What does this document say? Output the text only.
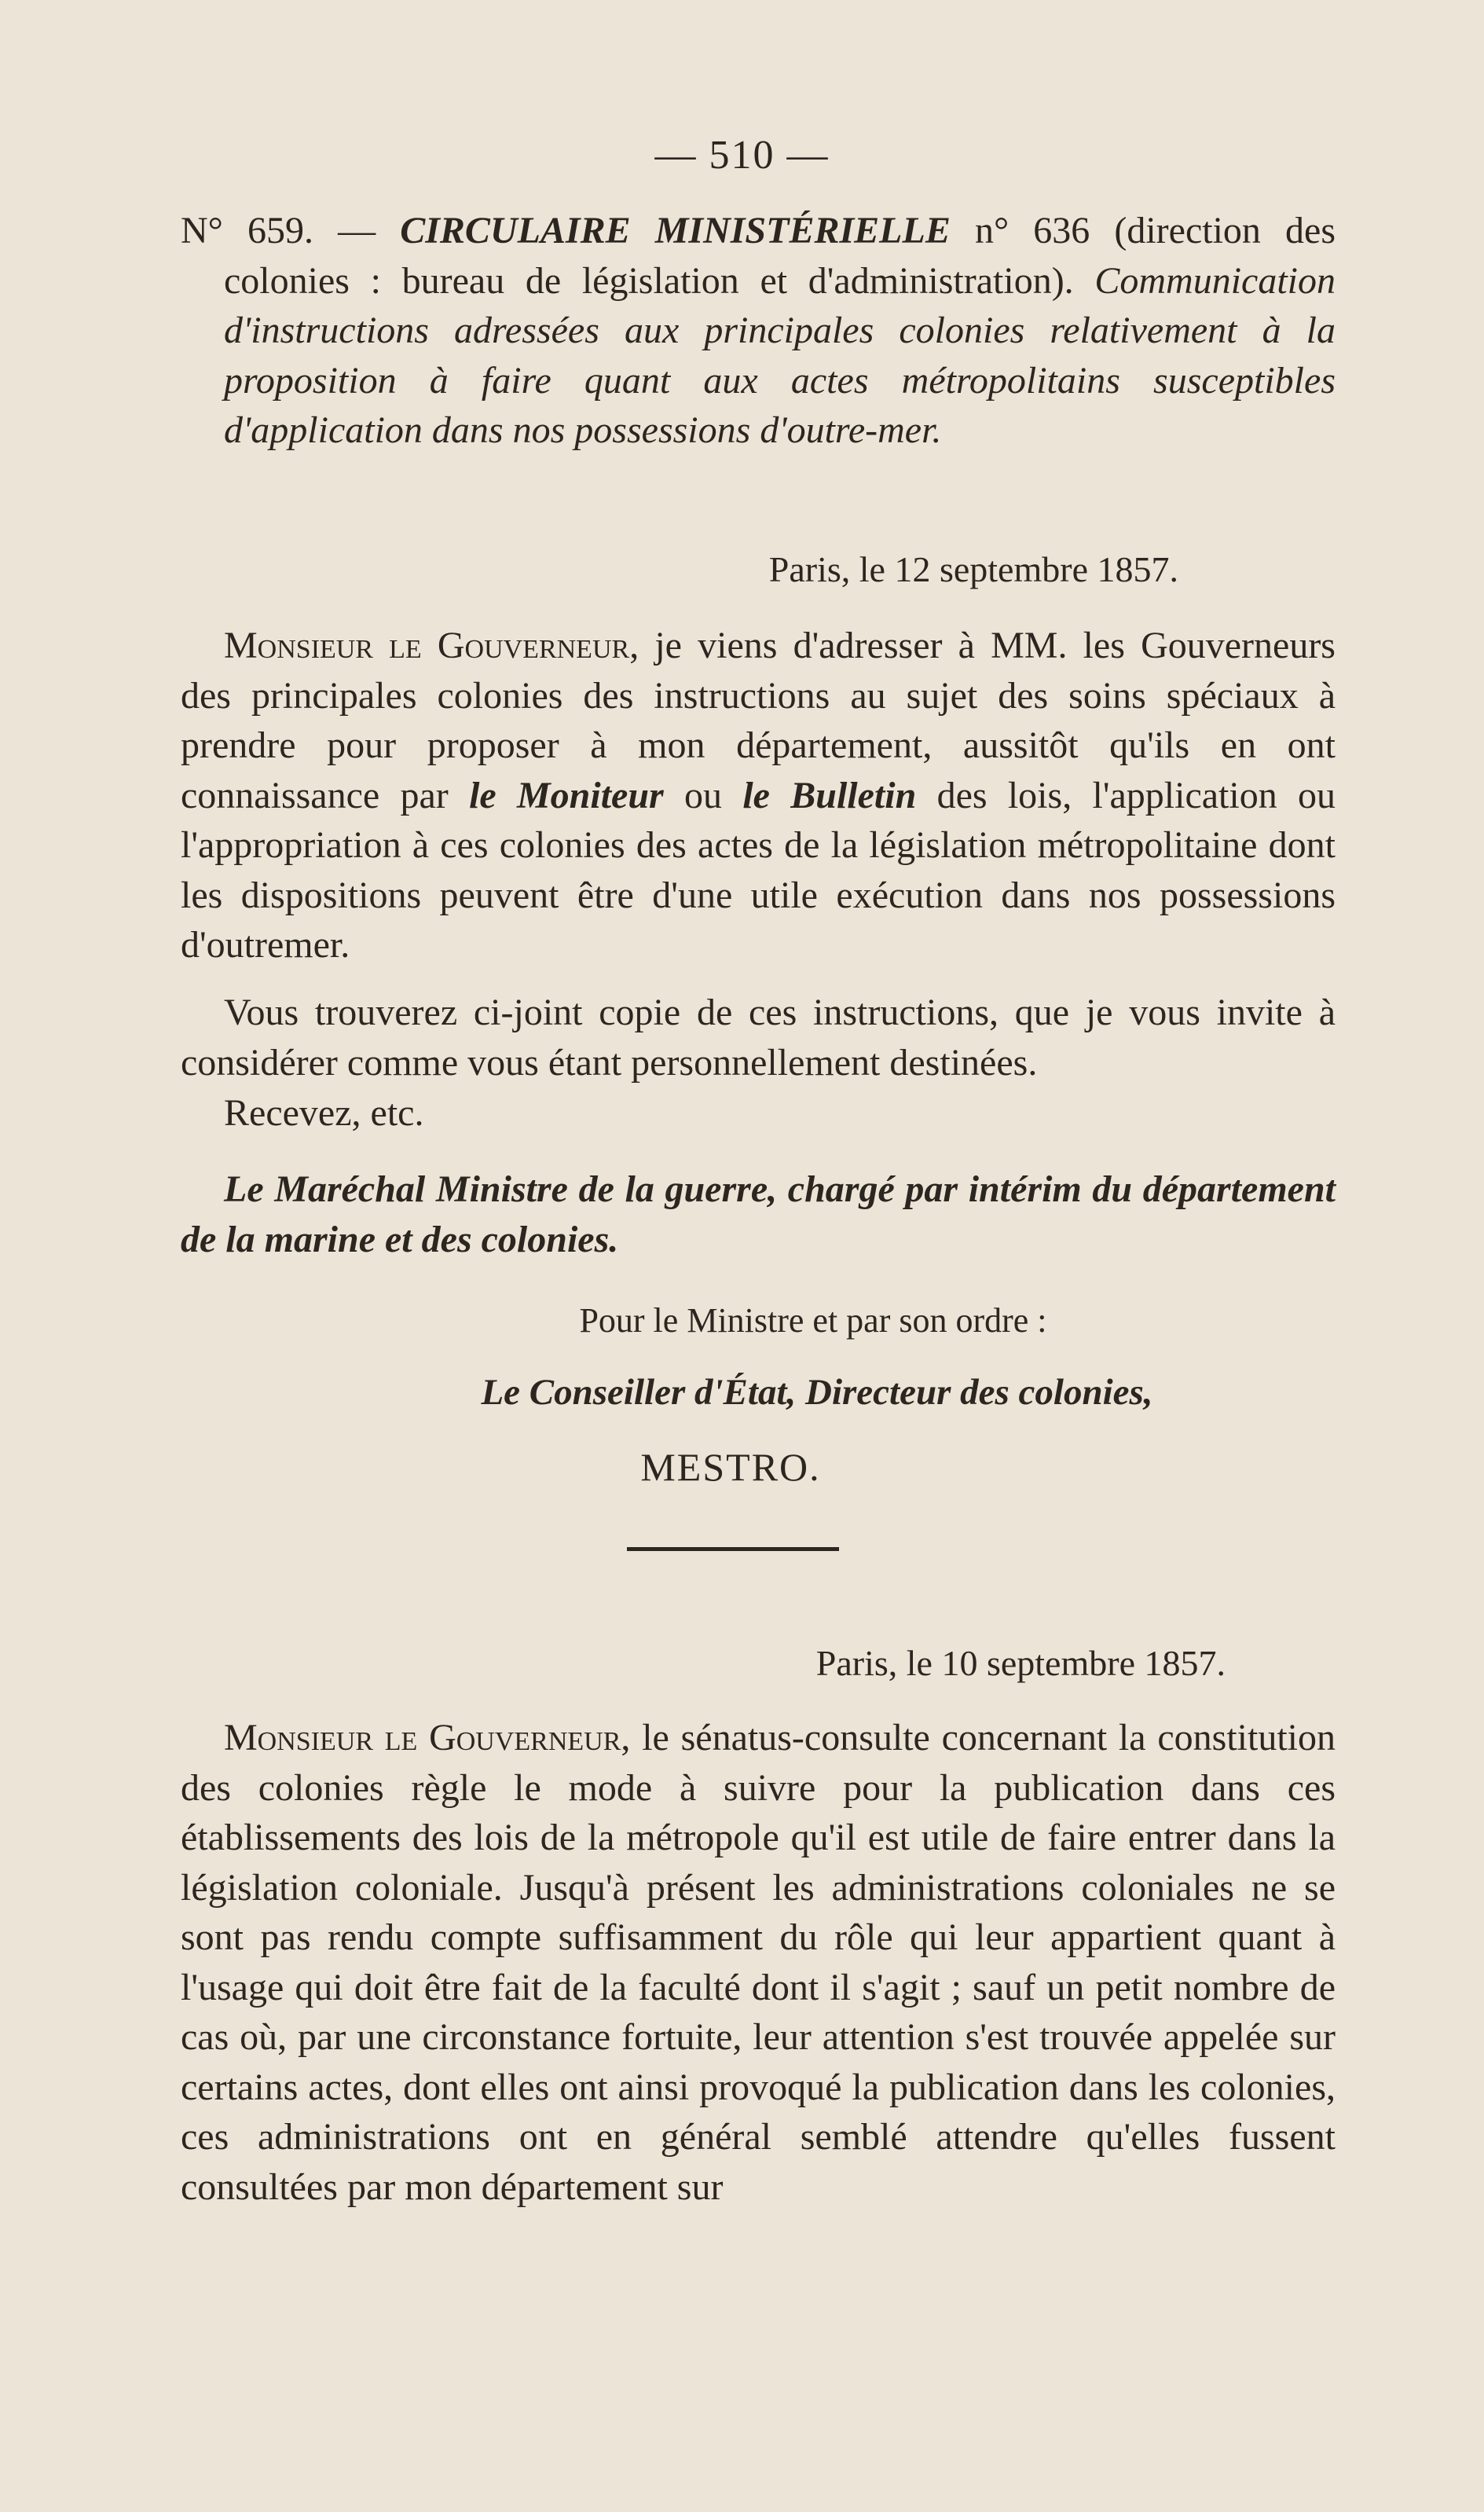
— 510 —
N° 659. — CIRCULAIRE MINISTÉRIELLE n° 636 (direction des colonies : bureau de législation et d'administration). Communication d'instructions adressées aux principales colonies relativement à la proposition à faire quant aux actes métropolitains susceptibles d'application dans nos possessions d'outre-mer.
Paris, le 12 septembre 1857.
Monsieur le Gouverneur, je viens d'adresser à MM. les Gouverneurs des principales colonies des instructions au sujet des soins spéciaux à prendre pour proposer à mon département, aussitôt qu'ils en ont connaissance par le Moniteur ou le Bulletin des lois, l'application ou l'appropriation à ces colonies des actes de la législation métropolitaine dont les dispositions peuvent être d'une utile exécution dans nos possessions d'outremer.
Vous trouverez ci-joint copie de ces instructions, que je vous invite à considérer comme vous étant personnellement destinées.
Recevez, etc.
Le Maréchal Ministre de la guerre, chargé par intérim du département de la marine et des colonies.
Pour le Ministre et par son ordre :
Le Conseiller d'État, Directeur des colonies,
MESTRO.
Paris, le 10 septembre 1857.
Monsieur le Gouverneur, le sénatus-consulte concernant la constitution des colonies règle le mode à suivre pour la publication dans ces établissements des lois de la métropole qu'il est utile de faire entrer dans la législation coloniale. Jusqu'à présent les administrations coloniales ne se sont pas rendu compte suffisamment du rôle qui leur appartient quant à l'usage qui doit être fait de la faculté dont il s'agit ; sauf un petit nombre de cas où, par une circonstance fortuite, leur attention s'est trouvée appelée sur certains actes, dont elles ont ainsi provoqué la publication dans les colonies, ces administrations ont en général semblé attendre qu'elles fussent consultées par mon département sur
